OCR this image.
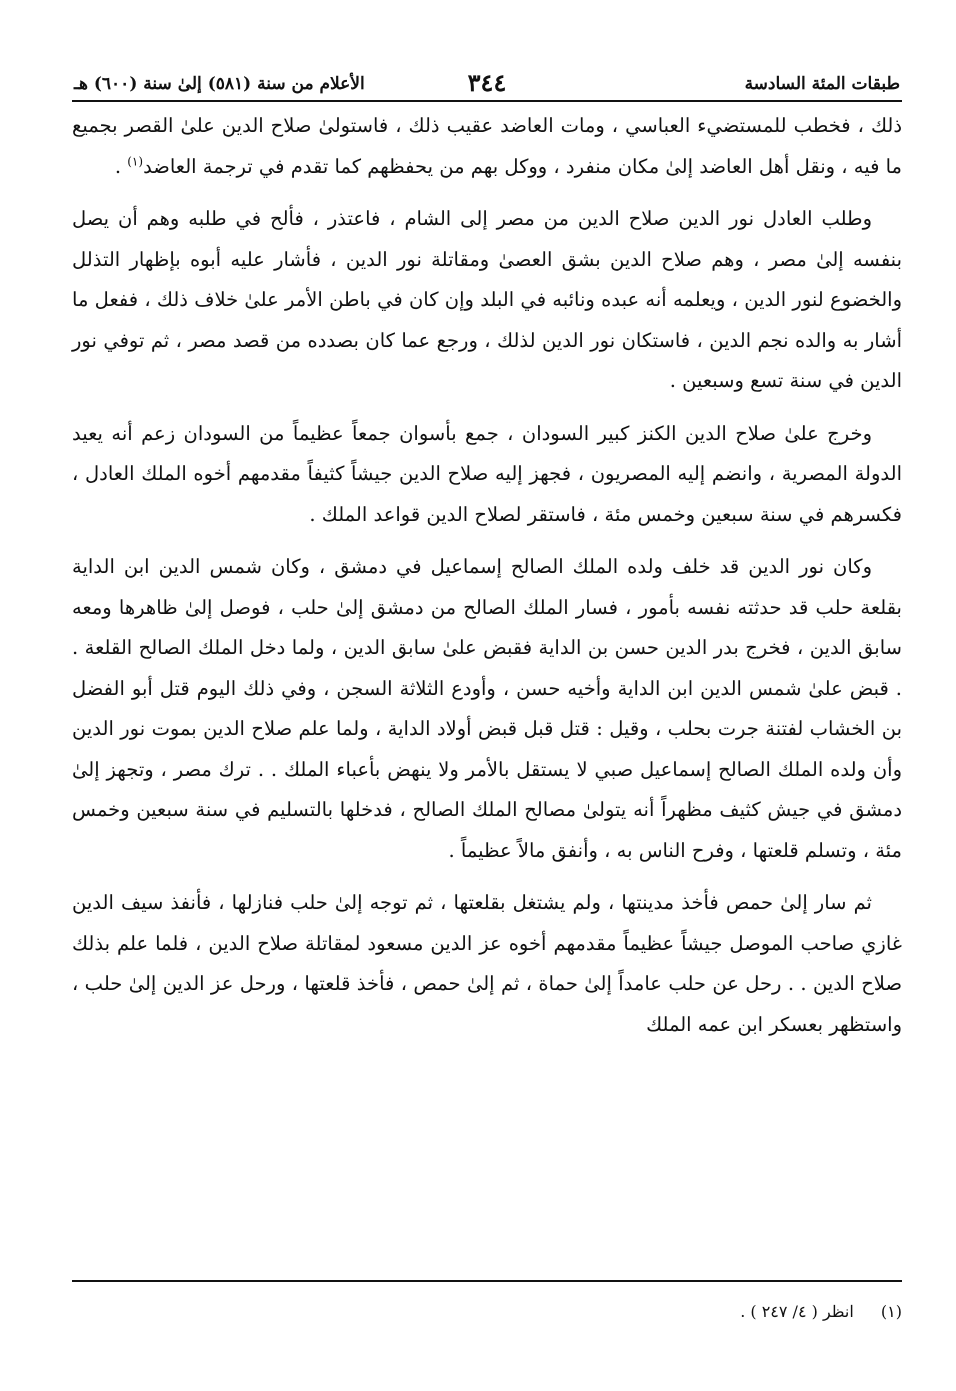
طبقات المئة السادسة
٣٤٤
الأعلام من سنة (٥٨١) إلىٰ سنة (٦٠٠) هـ

ذلك ، فخطب للمستضيء العباسي ، ومات العاضد عقيب ذلك ، فاستولىٰ صلاح الدين علىٰ القصر بجميع ما فيه ، ونقل أهل العاضد إلىٰ مكان منفرد ، ووكل بهم من يحفظهم كما تقدم في ترجمة العاضد$^{(١)}$ .

وطلب العادل نور الدين صلاح الدين من مصر إلى الشام ، فاعتذر ، فألح في طلبه وهم أن يصل بنفسه إلىٰ مصر ، وهم صلاح الدين بشق العصىٰ ومقاتلة نور الدين ، فأشار عليه أبوه بإظهار التذلل والخضوع لنور الدين ، ويعلمه أنه عبده ونائبه في البلد وإن كان في باطن الأمر علىٰ خلاف ذلك ، ففعل ما أشار به والده نجم الدين ، فاستكان نور الدين لذلك ، ورجع عما كان بصدده من قصد مصر ، ثم توفي نور الدين في سنة تسع وسبعين .

وخرج علىٰ صلاح الدين الكنز كبير السودان ، جمع بأسوان جمعاً عظيماً من السودان زعم أنه يعيد الدولة المصرية ، وانضم إليه المصريون ، فجهز إليه صلاح الدين جيشاً كثيفاً مقدمهم أخوه الملك العادل ، فكسرهم في سنة سبعين وخمس مئة ، فاستقر لصلاح الدين قواعد الملك .

وكان نور الدين قد خلف ولده الملك الصالح إسماعيل في دمشق ، وكان شمس الدين ابن الداية بقلعة حلب قد حدثته نفسه بأمور ، فسار الملك الصالح من دمشق إلىٰ حلب ، فوصل إلىٰ ظاهرها ومعه سابق الدين ، فخرج بدر الدين حسن بن الداية فقبض علىٰ سابق الدين ، ولما دخل الملك الصالح القلعة . . قبض علىٰ شمس الدين ابن الداية وأخيه حسن ، وأودع الثلاثة السجن ، وفي ذلك اليوم قتل أبو الفضل بن الخشاب لفتنة جرت بحلب ، وقيل : قتل قبل قبض أولاد الداية ، ولما علم صلاح الدين بموت نور الدين وأن ولده الملك الصالح إسماعيل صبي لا يستقل بالأمر ولا ينهض بأعباء الملك . . ترك مصر ، وتجهز إلىٰ دمشق في جيش كثيف مظهراً أنه يتولىٰ مصالح الملك الصالح ، فدخلها بالتسليم في سنة سبعين وخمس مئة ، وتسلم قلعتها ، وفرح الناس به ، وأنفق مالاً عظيماً .

ثم سار إلىٰ حمص فأخذ مدينتها ، ولم يشتغل بقلعتها ، ثم توجه إلىٰ حلب فنازلها ، فأنفذ سيف الدين غازي صاحب الموصل جيشاً عظيماً مقدمهم أخوه عز الدين مسعود لمقاتلة صلاح الدين ، فلما علم بذلك صلاح الدين . . رحل عن حلب عامداً إلىٰ حماة ، ثم إلىٰ حمص ، فأخذ قلعتها ، ورحل عز الدين إلىٰ حلب ، واستظهر بعسكر ابن عمه الملك

(١) انظر ( ٤/ ٢٤٧ ) .
